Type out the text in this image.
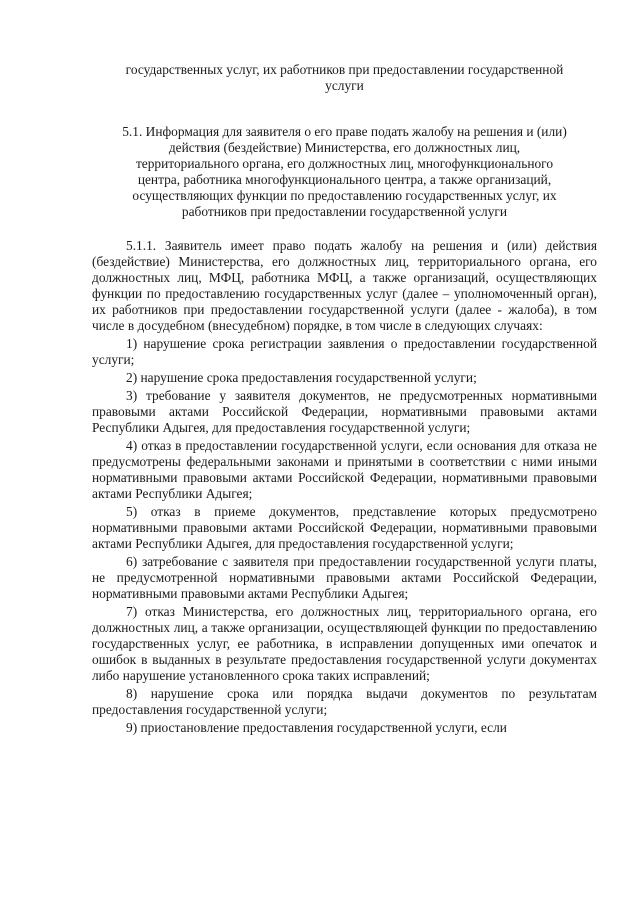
государственных услуг, их работников при предоставлении государственной
услуги
5.1. Информация для заявителя о его праве подать жалобу на решения и (или)
действия (бездействие) Министерства, его должностных лиц,
территориального органа, его должностных лиц, многофункционального
центра, работника многофункционального центра, а также организаций,
осуществляющих функции по предоставлению государственных услуг, их
работников при предоставлении государственной услуги

5.1.1. Заявитель имеет право подать жалобу на решения и (или) действия (бездействие) Министерства, его должностных лиц, территориального органа, его должностных лиц, МФЦ, работника МФЦ, а также организаций, осуществляющих функции по предоставлению государственных услуг (далее – уполномоченный орган), их работников при предоставлении государственной услуги (далее - жалоба), в том числе в досудебном (внесудебном) порядке, в том числе в следующих случаях:

1) нарушение срока регистрации заявления о предоставлении государственной услуги;

2) нарушение срока предоставления государственной услуги;

3) требование у заявителя документов, не предусмотренных нормативными правовыми актами Российской Федерации, нормативными правовыми актами Республики Адыгея, для предоставления государственной услуги;

4) отказ в предоставлении государственной услуги, если основания для отказа не предусмотрены федеральными законами и принятыми в соответствии с ними иными нормативными правовыми актами Российской Федерации, нормативными правовыми актами Республики Адыгея;

5) отказ в приеме документов, представление которых предусмотрено нормативными правовыми актами Российской Федерации, нормативными правовыми актами Республики Адыгея, для предоставления государственной услуги;

6) затребование с заявителя при предоставлении государственной услуги платы, не предусмотренной нормативными правовыми актами Российской Федерации, нормативными правовыми актами Республики Адыгея;

7) отказ Министерства, его должностных лиц, территориального органа, его должностных лиц, а также организации, осуществляющей функции по предоставлению государственных услуг, ее работника, в исправлении допущенных ими опечаток и ошибок в выданных в результате предоставления государственной услуги документах либо нарушение установленного срока таких исправлений;

8) нарушение срока или порядка выдачи документов по результатам предоставления государственной услуги;

9) приостановление предоставления государственной услуги, если
